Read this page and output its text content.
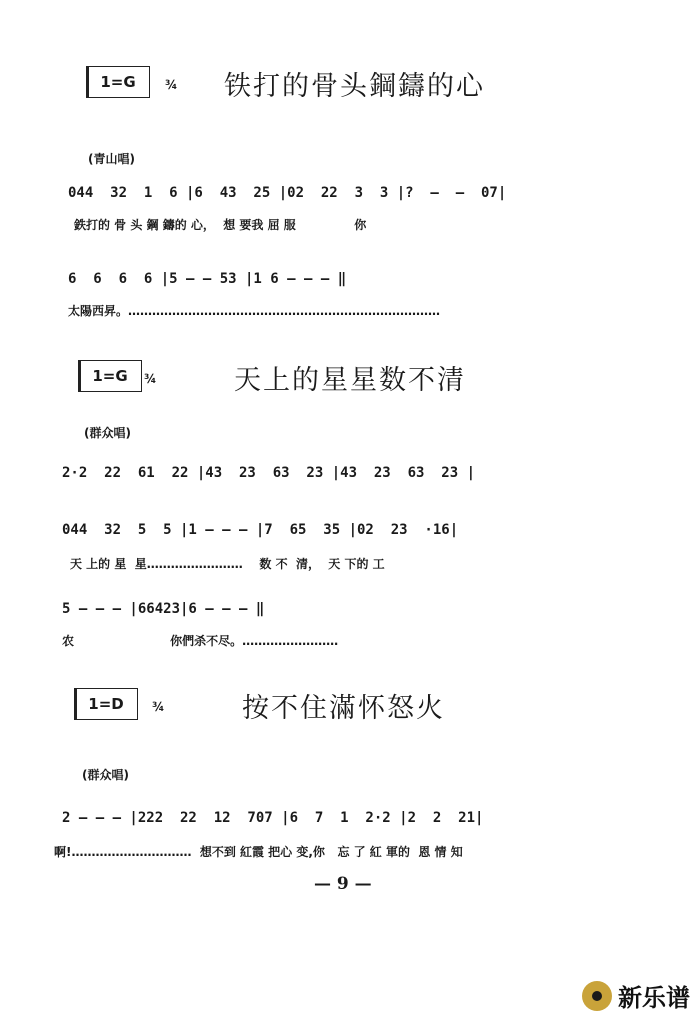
1=G	¾ 铁打的骨头鋼鑄的心
(青山唱)
044  32  1  6 |6  43  25 |02  22  3  3 |?  —  —  07|
鉄打的 骨 头 鋼 鑄的 心，  想 要我 屈 服              你
6  6  6  6 |5 — — 53 |1 6 — — — ‖
太陽西昇。……………………………………………………………………
1=G	¾	天上的星星数不清
(群众唱)
2·2  22  61  22 |43  23  63  23 |43  23  63  23 |
044  32  5  5 |1 — — — |7  65  35 |02  23  ·16|
天 上的 星  星……………………    数 不  清，  天 下的 工
5 — — — |66423|6 — — — ‖
农                       你們杀不尽。……………………
1=D	¾	按不住滿怀怒火
(群众唱)
2 — — — |222  22  12  707 |6  7  1  2·2 |2  2  21|
啊!…………………………  想不到 紅霞 把心 变,你   忘 了 紅 軍的  恩 情 知
— 9 —
新乐谱
